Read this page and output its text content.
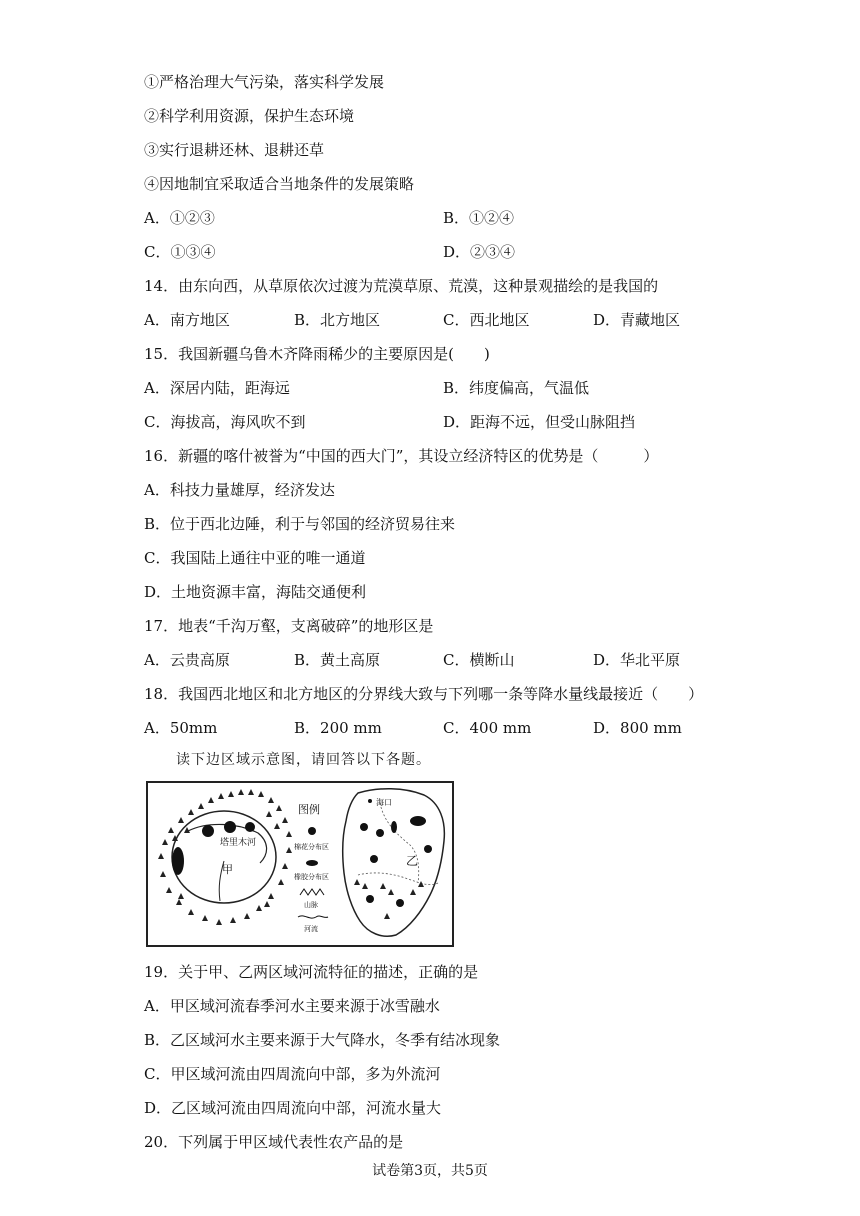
①严格治理大气污染，落实科学发展
②科学利用资源，保护生态环境
③实行退耕还林、退耕还草
④因地制宜采取适合当地条件的发展策略
A．①②③	B．①②④
C．①③④	D．②③④
14．由东向西，从草原依次过渡为荒漠草原、荒漠，这种景观描绘的是我国的
A．南方地区	B．北方地区	C．西北地区	D．青藏地区
15．我国新疆乌鲁木齐降雨稀少的主要原因是(　　)
A．深居内陆，距海远	B．纬度偏高，气温低
C．海拔高，海风吹不到	D．距海不远，但受山脉阻挡
16．新疆的喀什被誉为“中国的西大门”，其设立经济特区的优势是（　　　）
A．科技力量雄厚，经济发达
B．位于西北边陲，利于与邻国的经济贸易往来
C．我国陆上通往中亚的唯一通道
D．土地资源丰富，海陆交通便利
17．地表“千沟万壑，支离破碎”的地形区是
A．云贵高原	B．黄土高原	C．横断山	D．华北平原
18．我国西北地区和北方地区的分界线大致与下列哪一条等降水量线最接近（　　）
A．50mm	B．200 mm	C．400 mm	D．800 mm
读下边区域示意图，请回答以下各题。
塔里木河
甲
图例
棉花分布区
橡胶分布区
山脉
河流
海口
乙
19．关于甲、乙两区域河流特征的描述，正确的是
A．甲区域河流春季河水主要来源于冰雪融水
B．乙区域河水主要来源于大气降水，冬季有结冰现象
C．甲区域河流由四周流向中部，多为外流河
D．乙区域河流由四周流向中部，河流水量大
20．下列属于甲区域代表性农产品的是
试卷第3页，共5页
